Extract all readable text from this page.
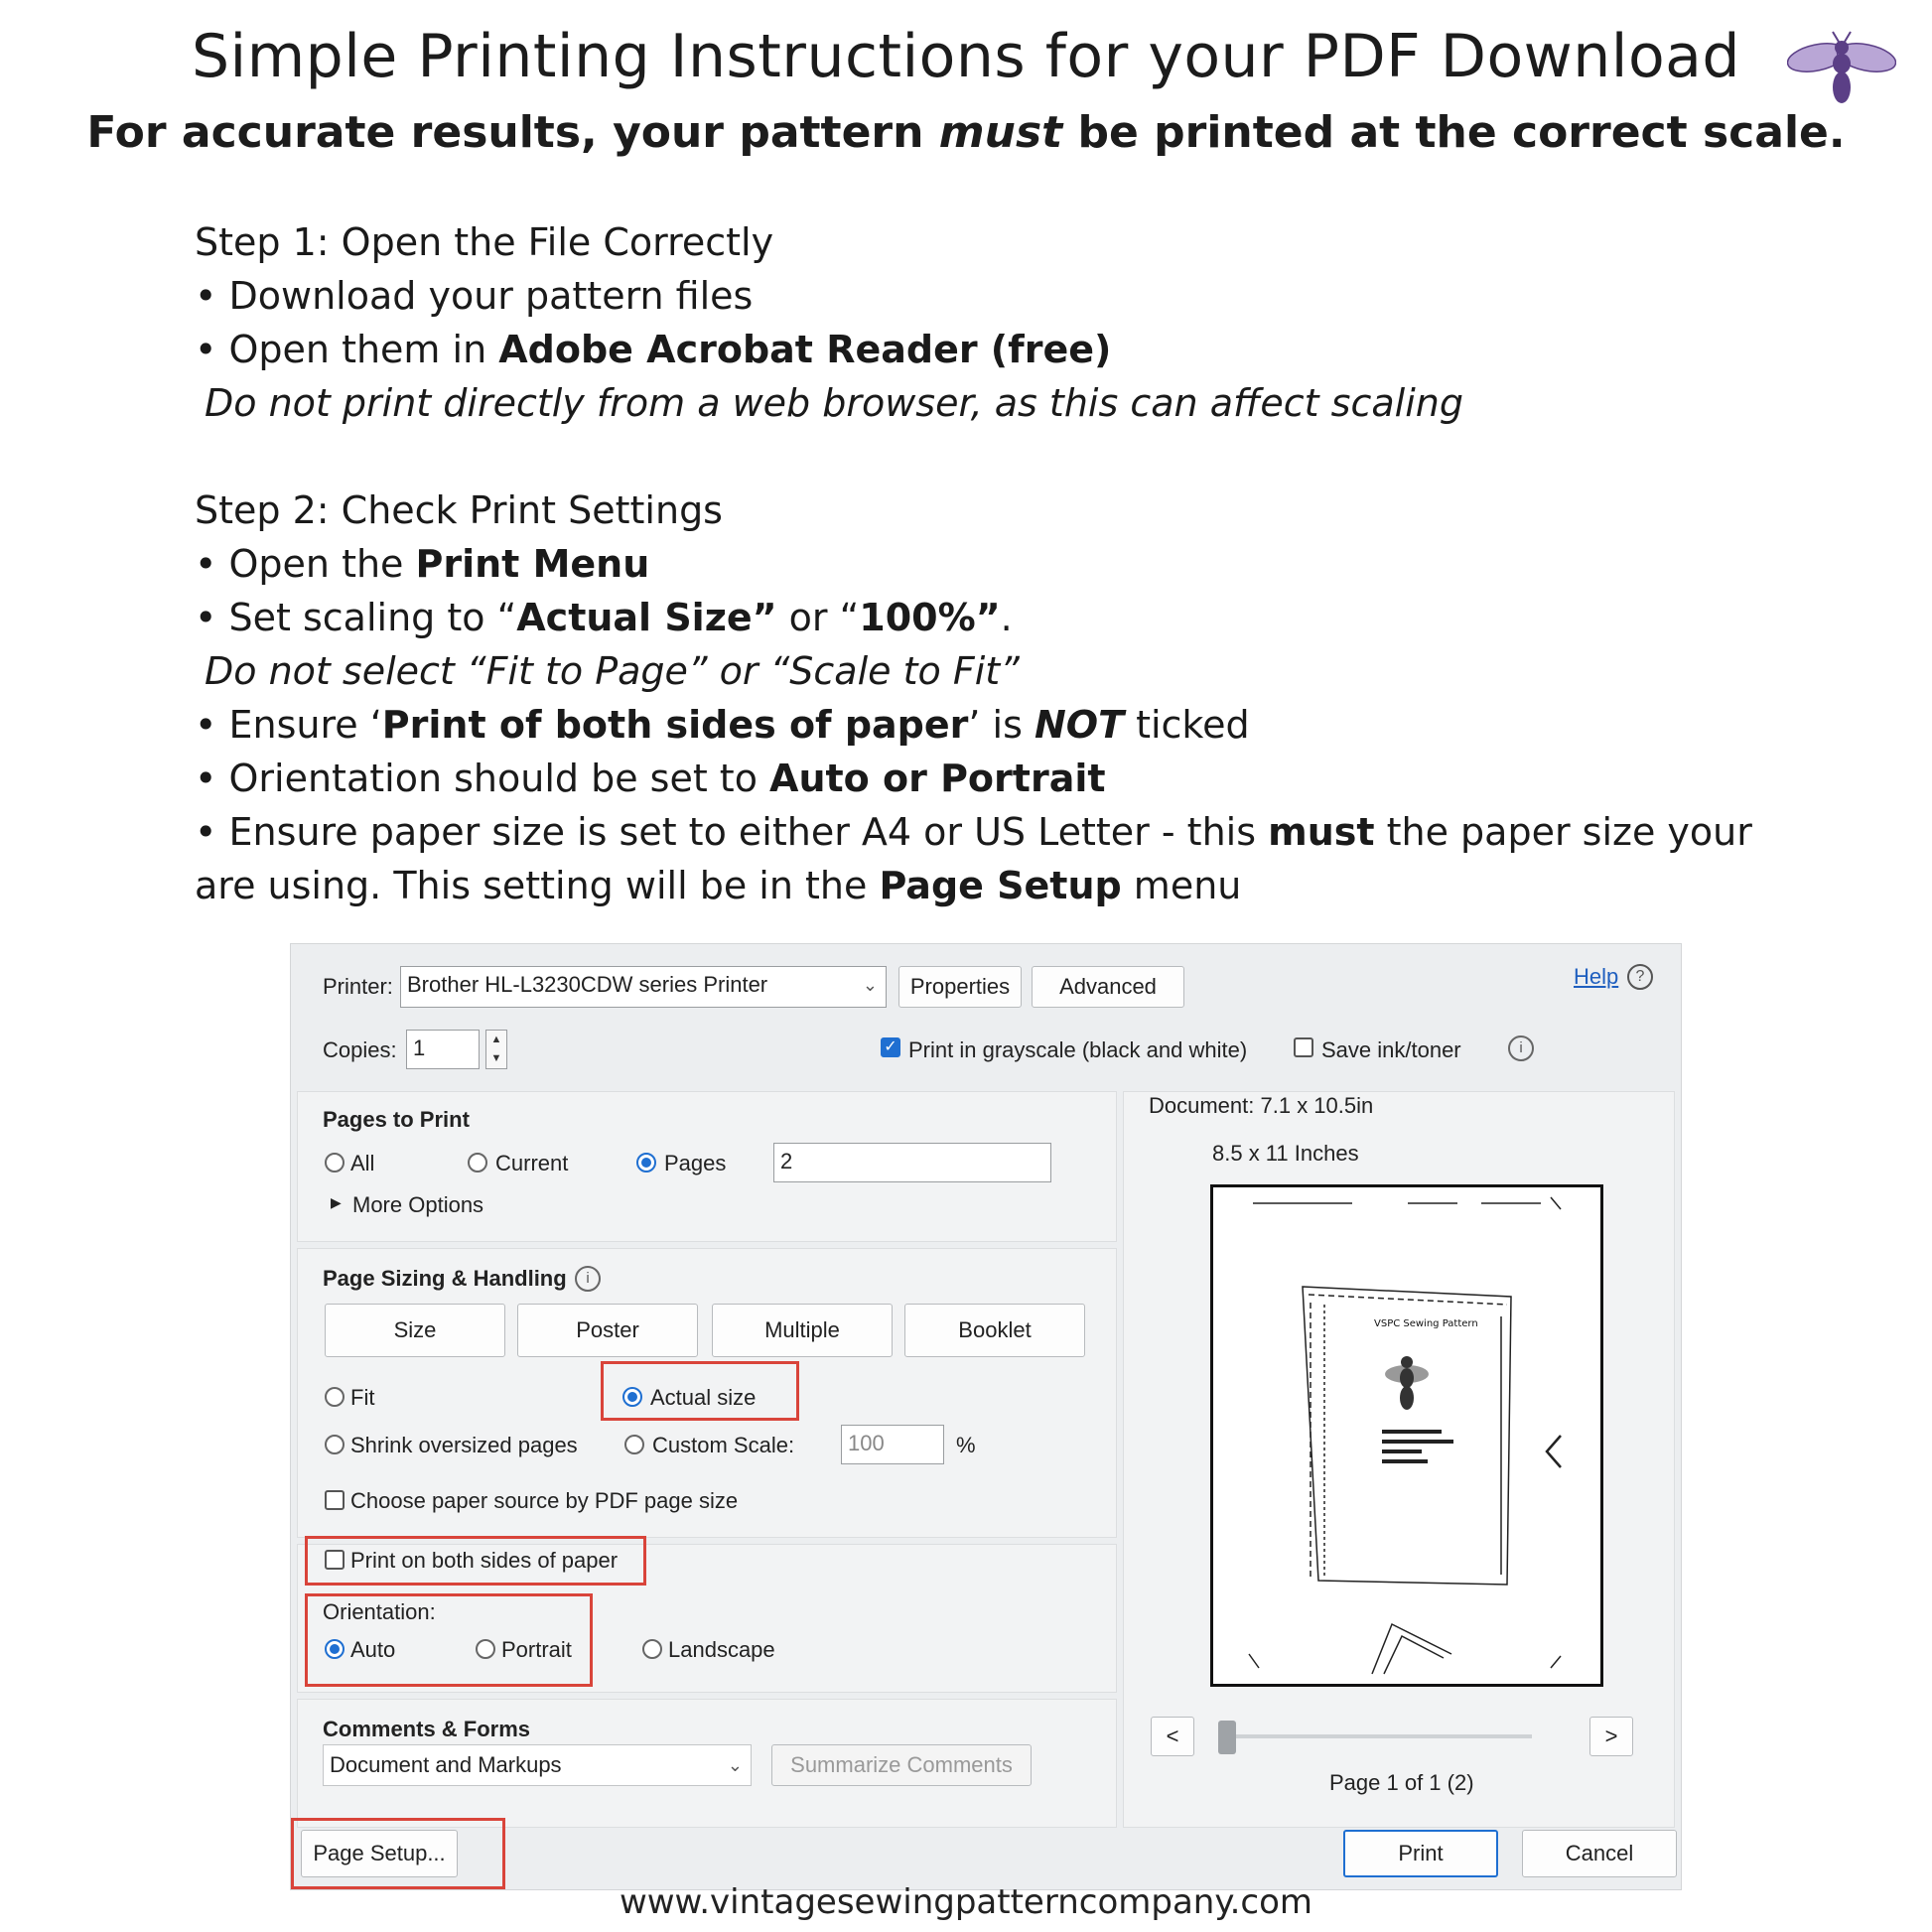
Simple Printing Instructions for your PDF Download
For accurate results, your pattern must be printed at the correct scale.
Step 1: Open the File Correctly
• Download your pattern files
• Open them in Adobe Acrobat Reader (free)
Do not print directly from a web browser, as this can affect scaling
Step 2: Check Print Settings
• Open the Print Menu
• Set scaling to “Actual Size” or “100%”.
Do not select “Fit to Page” or “Scale to Fit”
• Ensure ‘Print of both sides of paper’ is NOT ticked
• Orientation should be set to Auto or Portrait
• Ensure paper size is set to either A4 or US Letter - this must the paper size your
are using. This setting will be in the Page Setup menu
Printer: Brother HL-L3230CDW series Printer	⌄	Properties	Advanced	Help	?
Copies: 1	▲
▼
✓ Print in grayscale (black and white)	Save ink/toner	i
Pages to Print
All	Current	Pages	2
▶ More Options
Page Sizing & Handling	i
Size	Poster	Multiple	Booklet
Fit	Actual size
Shrink oversized pages	Custom Scale:	100	%
Choose paper source by PDF page size
Print on both sides of paper
Orientation:
Auto	Portrait	Landscape
Comments & Forms
Document and Markups	⌄	Summarize Comments
Page Setup...	Print	Cancel
Document: 7.1 x 10.5in
8.5 x 11 Inches
VSPC Sewing Pattern
<	>
Page 1 of 1 (2)
www.vintagesewingpatterncompany.com
